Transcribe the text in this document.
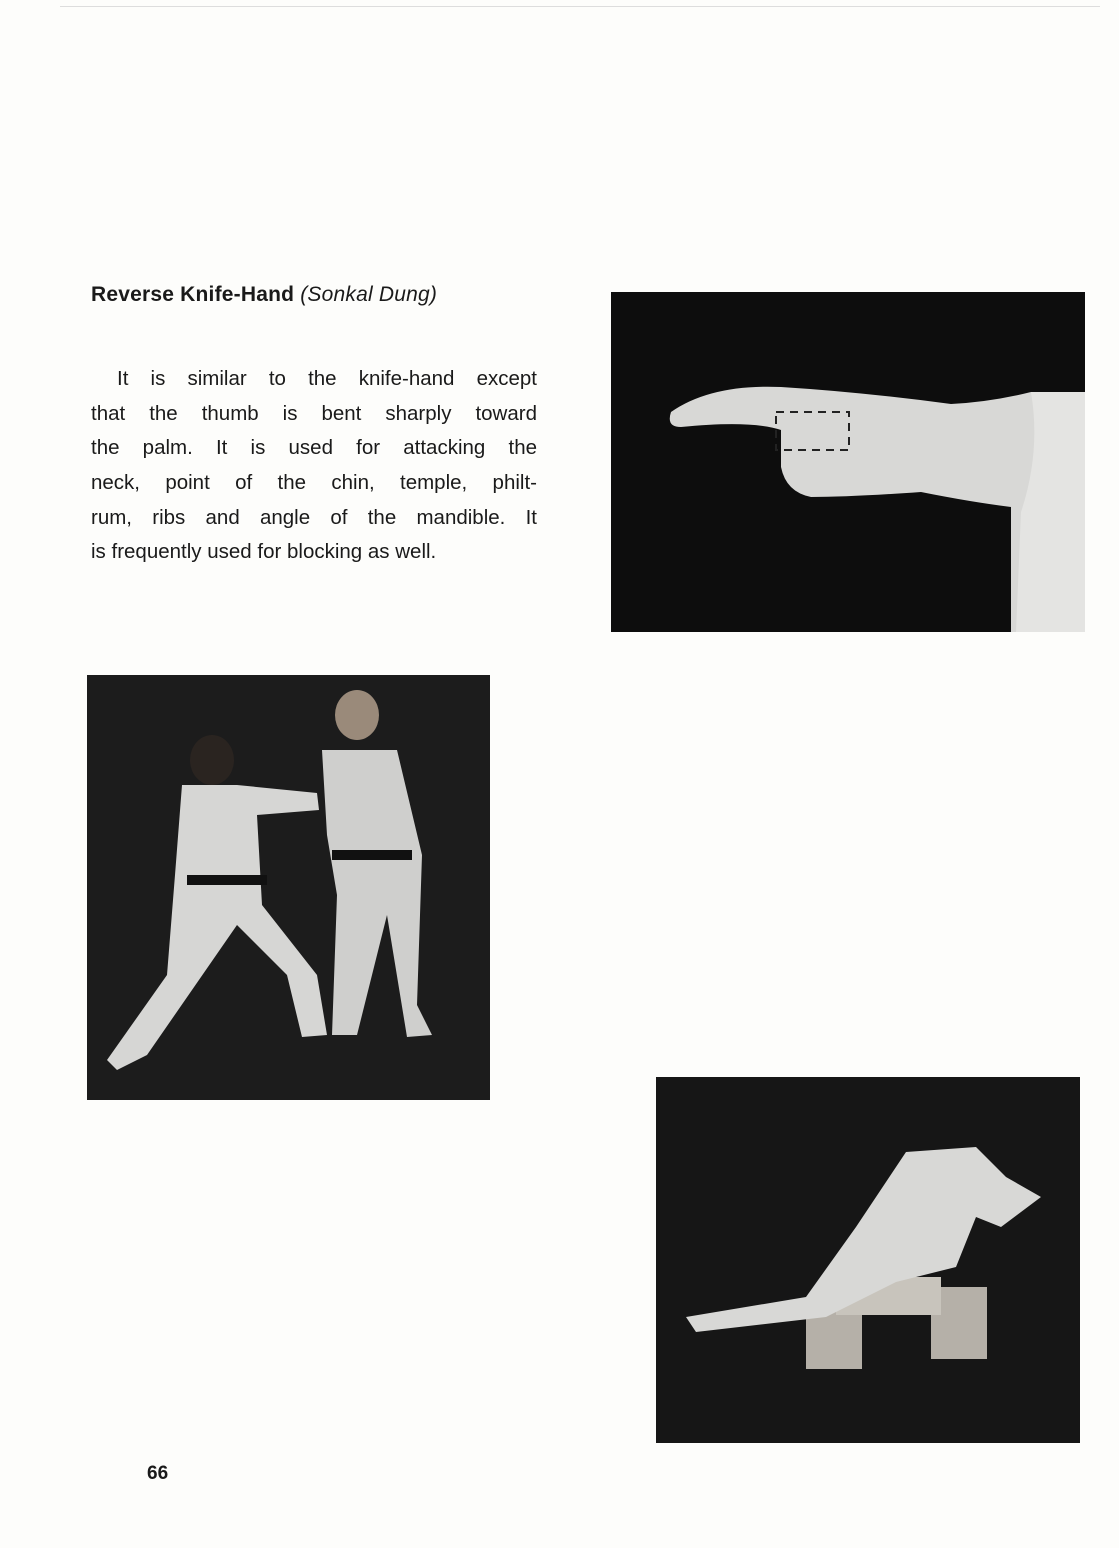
Reverse Knife-Hand (Sonkal Dung)
It is similar to the knife-hand except
that the thumb is bent sharply toward
the palm. It is used for attacking the
neck, point of the chin, temple, philt-
rum, ribs and angle of the mandible. It
is frequently used for blocking as well.
66
